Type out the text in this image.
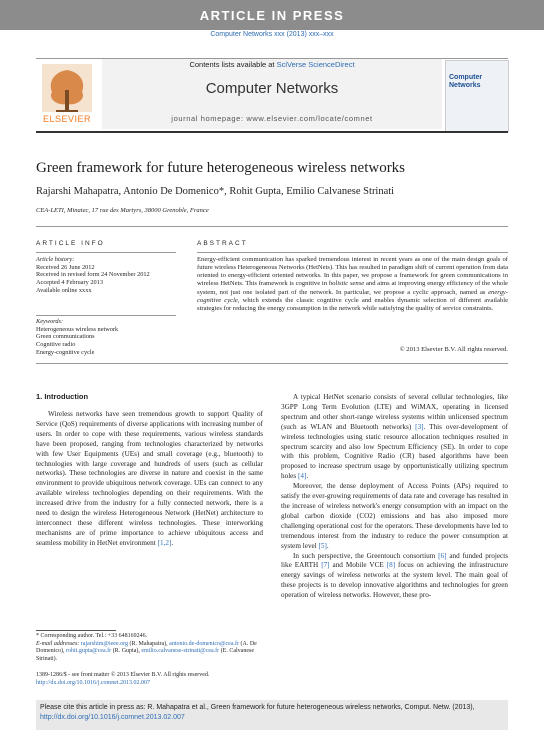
ARTICLE IN PRESS
Computer Networks xxx (2013) xxx–xxx
ELSEVIER
Contents lists available at SciVerse ScienceDirect
Computer Networks
journal homepage: www.elsevier.com/locate/comnet
Computer Networks
Green framework for future heterogeneous wireless networks
Rajarshi Mahapatra, Antonio De Domenico*, Rohit Gupta, Emilio Calvanese Strinati
CEA-LETI, Minatec, 17 rue des Martyrs, 38000 Grenoble, France
ARTICLE INFO
Article history:
Received 26 June 2012
Received in revised form 24 November 2012
Accepted 4 February 2013
Available online xxxx
Keywords:
Heterogeneous wireless network
Green communications
Cognitive radio
Energy-cognitive cycle
ABSTRACT
Energy-efficient communication has sparked tremendous interest in recent years as one of the main design goals of future wireless Heterogeneous Networks (HetNets). This has resulted in paradigm shift of current operation from data oriented to energy-efficient oriented networks. In this paper, we propose a framework for green communications in wireless HetNets. This framework is cognitive in holistic sense and aims at improving energy efficiency of the whole system, not just one isolated part of the network. In particular, we propose a cyclic approach, named as energy-cognitive cycle, which extends the classic cognitive cycle and enables dynamic selection of different available strategies for reducing the energy consumption in the network while satisfying the quality of service constraints.
© 2013 Elsevier B.V. All rights reserved.
1. Introduction

Wireless networks have seen tremendous growth to support Quality of Service (QoS) requirements of diverse applications with increasing number of users. In order to cope with these requirements, various wireless standards have been proposed, ranging from technologies characterized by networks with few User Equipments (UEs) and small coverage (e.g., bluetooth) to technologies with large coverage and hundreds of users (such as cellular networks). These technologies are diverse in nature and coexist in the same environment to provide ubiquitous network coverage. UEs can connect to any available wireless technologies depending on their requirements. With the increased drive from the industry for a fully connected network, there is a need to design the wireless Heterogeneous Network (HetNet) architecture to interconnect these different wireless technologies. These interworking mechanisms are of prime importance to achieve ubiquitous access and seamless mobility in HetNet environment [1,2].

A typical HetNet scenario consists of several cellular technologies, like 3GPP Long Term Evolution (LTE) and WiMAX, operating in licensed spectrum and other short-range wireless systems within unlicensed spectrum (such as WLAN and Bluetooth networks) [3]. This over-development of wireless technologies using static resource allocation techniques resulted in spectrum scarcity and also low Spectrum Efficiency (SE). In order to cope with this problem, Cognitive Radio (CR) based algorithms have been proposed to increase spectrum usage by opportunistically utilizing spectrum holes [4].

Moreover, the dense deployment of Access Points (APs) required to satisfy the ever-growing requirements of data rate and coverage has resulted in the increase of wireless network's energy consumption with an impact on the global carbon dioxide (CO2) emissions and has also imposed more challenging operational cost for the operators. These developments have led to tremendous interest from the industry to reduce the power consumption at system level [5].

In such perspective, the Greentouch consortium [6] and funded projects like EARTH [7] and Mobile VCE [8] focus on achieving the infrastructure energy savings of wireless networks at the system level. The main goal of these projects is to develop innovative algorithms and technologies for green operation of wireless networks. However, these pro-

* Corresponding author. Tel.: +33 648169246.
E-mail addresses: rajarshim@ieee.org (R. Mahapatra), antonio.de-domenico@cea.fr (A. De Domenico), rohit.gupta@cea.fr (R. Gupta), emilio.calvanese-strinati@cea.fr (E. Calvanese Strinati).
1389-1286/$ - see front matter © 2013 Elsevier B.V. All rights reserved.
http://dx.doi.org/10.1016/j.comnet.2013.02.007
Please cite this article in press as: R. Mahapatra et al., Green framework for future heterogeneous wireless networks, Comput. Netw. (2013), http://dx.doi.org/10.1016/j.comnet.2013.02.007
